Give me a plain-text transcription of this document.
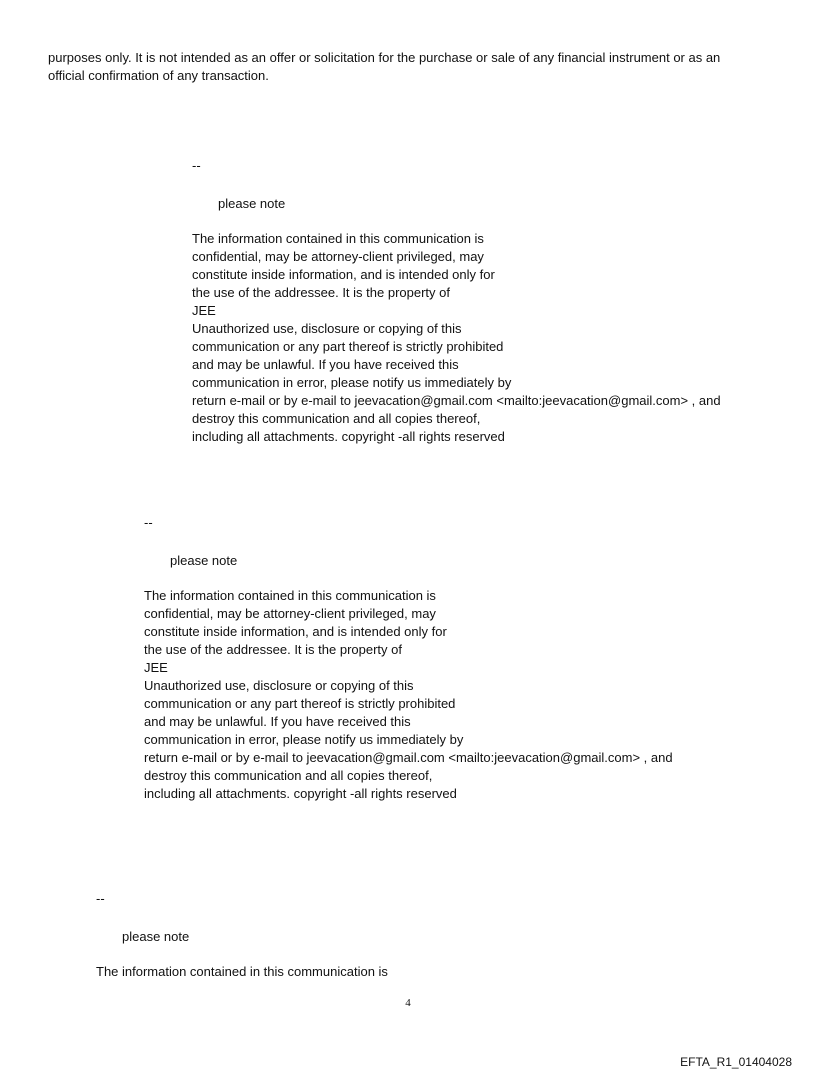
purposes only. It is not intended as an offer or solicitation for the purchase or sale of any financial instrument or as an
official confirmation of any transaction.
--
please note
The information contained in this communication is
confidential, may be attorney-client privileged, may
constitute inside information, and is intended only for
the use of the addressee. It is the property of
JEE
Unauthorized use, disclosure or copying of this
communication or any part thereof is strictly prohibited
and may be unlawful. If you have received this
communication in error, please notify us immediately by
return e-mail or by e-mail to jeevacation@gmail.com <mailto:jeevacation@gmail.com> , and
destroy this communication and all copies thereof,
including all attachments. copyright -all rights reserved
--
please note
The information contained in this communication is
confidential, may be attorney-client privileged, may
constitute inside information, and is intended only for
the use of the addressee. It is the property of
JEE
Unauthorized use, disclosure or copying of this
communication or any part thereof is strictly prohibited
and may be unlawful. If you have received this
communication in error, please notify us immediately by
return e-mail or by e-mail to jeevacation@gmail.com <mailto:jeevacation@gmail.com> , and
destroy this communication and all copies thereof,
including all attachments. copyright -all rights reserved
--
please note
The information contained in this communication is
4
EFTA_R1_01404028
